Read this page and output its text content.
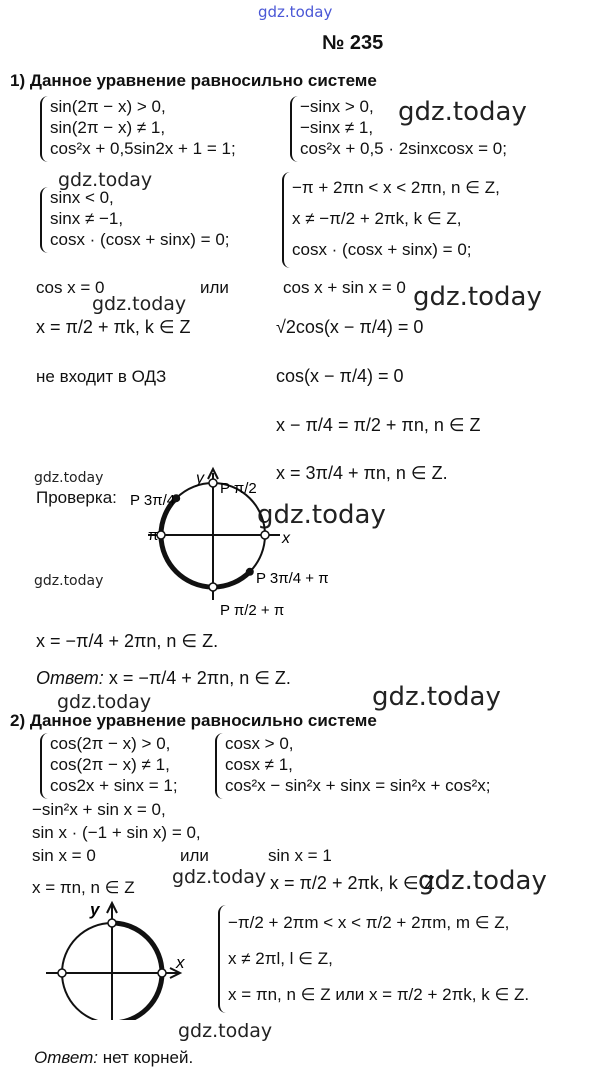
gdz.today
gdz.today
gdz.today
gdz.today
gdz.today
gdz.today
gdz.today
gdz.today
gdz.today	gdz.today
gdz.today	gdz.today
gdz.today
№ 235
1) Данное уравнение равносильно системе
sin(2π − x) > 0,
sin(2π − x) ≠ 1,
cos²x + 0,5sin2x + 1 = 1;
−sinx > 0,
−sinx ≠ 1,
cos²x + 0,5 · 2sinxcosx = 0;
sinx < 0,
sinx ≠ −1,
cosx · (cosx + sinx) = 0;
−π + 2πn < x < 2πn, n ∈ Z,
x ≠ −π/2 + 2πk, k ∈ Z,
cosx · (cosx + sinx) = 0;
cos x = 0	или	cos x + sin x = 0
x = π/2 + πk, k ∈ Z
не входит в ОДЗ
√2cos(x − π/4) = 0
cos(x − π/4) = 0
x − π/4 = π/2 + πn, n ∈ Z
x = 3π/4 + πn, n ∈ Z.
Проверка:
y
x
π
P π/2
P 3π/4
P 3π/4 + π
P π/2 + π
x = −π/4 + 2πn, n ∈ Z.
Ответ: x = −π/4 + 2πn, n ∈ Z.
2) Данное уравнение равносильно системе
cos(2π − x) > 0,
cos(2π − x) ≠ 1,
cos2x + sinx = 1;
cosx > 0,
cosx ≠ 1,
cos²x − sin²x + sinx = sin²x + cos²x;
−sin²x + sin x = 0,
sin x · (−1 + sin x) = 0,
sin x = 0	или	sin x = 1
x = πn, n ∈ Z	x = π/2 + 2πk, k ∈ Z
y
x
−π/2 + 2πm < x < π/2 + 2πm, m ∈ Z,
x ≠ 2πl, l ∈ Z,
x = πn, n ∈ Z или x = π/2 + 2πk, k ∈ Z.
Ответ: нет корней.
